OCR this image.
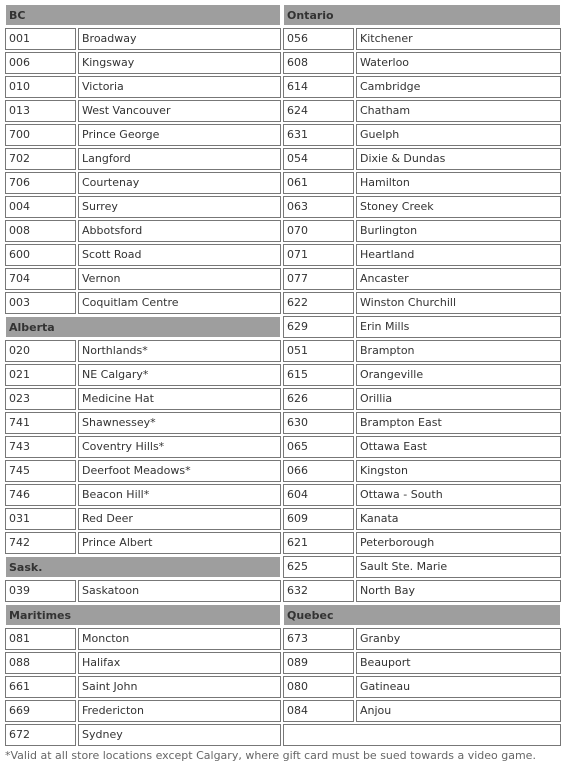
BC
001	Broadway
006	Kingsway
010	Victoria
013	West Vancouver
700	Prince George
702	Langford
706	Courtenay
004	Surrey
008	Abbotsford
600	Scott Road
704	Vernon
003	Coquitlam Centre
Alberta
020	Northlands*
021	NE Calgary*
023	Medicine Hat
741	Shawnessey*
743	Coventry Hills*
745	Deerfoot Meadows*
746	Beacon Hill*
031	Red Deer
742	Prince Albert
Sask.
039	Saskatoon
Maritimes
081	Moncton
088	Halifax
661	Saint John
669	Fredericton
672	Sydney
Ontario
056	Kitchener
608	Waterloo
614	Cambridge
624	Chatham
631	Guelph
054	Dixie & Dundas
061	Hamilton
063	Stoney Creek
070	Burlington
071	Heartland
077	Ancaster
622	Winston Churchill
629	Erin Mills
051	Brampton
615	Orangeville
626	Orillia
630	Brampton East
065	Ottawa East
066	Kingston
604	Ottawa - South
609	Kanata
621	Peterborough
625	Sault Ste. Marie
632	North Bay
Quebec
673	Granby
089	Beauport
080	Gatineau
084	Anjou
*Valid at all store locations except Calgary, where gift card must be sued towards a video game.
